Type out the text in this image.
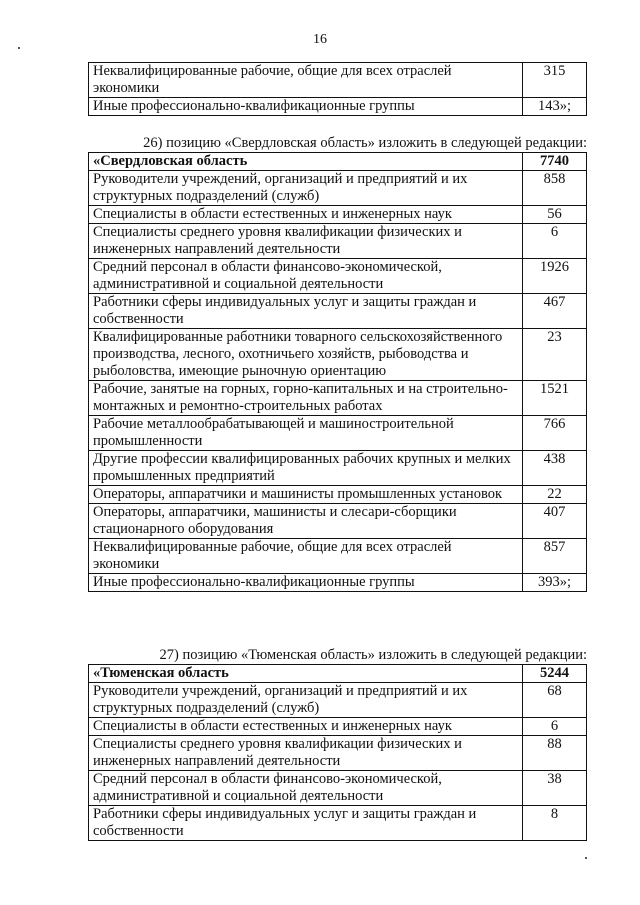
16
Неквалифицированные рабочие, общие для всех отраслей экономики	315
Иные профессионально-квалификационные группы	143»;
26) позицию «Свердловская область» изложить в следующей редакции:
«Свердловская область	7740
Руководители учреждений, организаций и предприятий и их структурных подразделений (служб)	858
Специалисты в области естественных и инженерных наук	56
Специалисты среднего уровня квалификации физических и инженерных направлений деятельности	6
Средний персонал в области финансово-экономической, административной и социальной деятельности	1926
Работники сферы индивидуальных услуг и защиты граждан и собственности	467
Квалифицированные работники товарного сельскохозяйственного производства, лесного, охотничьего хозяйств, рыбоводства и рыболовства, имеющие рыночную ориентацию	23
Рабочие, занятые на горных, горно-капитальных и на строительно-монтажных и ремонтно-строительных работах	1521
Рабочие металлообрабатывающей и машиностроительной промышленности	766
Другие профессии квалифицированных рабочих крупных и мелких промышленных предприятий	438
Операторы, аппаратчики и машинисты промышленных установок	22
Операторы, аппаратчики, машинисты и слесари-сборщики стационарного оборудования	407
Неквалифицированные рабочие, общие для всех отраслей экономики	857
Иные профессионально-квалификационные группы	393»;
27) позицию «Тюменская область» изложить в следующей редакции:
«Тюменская область	5244
Руководители учреждений, организаций и предприятий и их структурных подразделений (служб)	68
Специалисты в области естественных и инженерных наук	6
Специалисты среднего уровня квалификации физических и инженерных направлений деятельности	88
Средний персонал в области финансово-экономической, административной и социальной деятельности	38
Работники сферы индивидуальных услуг и защиты граждан и собственности	8
